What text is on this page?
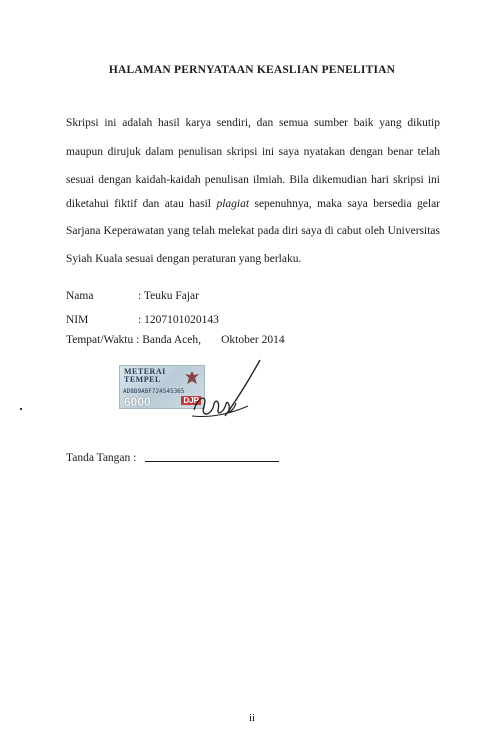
HALAMAN PERNYATAAN KEASLIAN PENELITIAN
Skripsi ini adalah hasil karya sendiri, dan semua sumber baik yang dikutip
maupun dirujuk dalam penulisan skripsi ini saya nyatakan dengan benar telah
sesuai dengan kaidah-kaidah penulisan ilmiah. Bila dikemudian hari skripsi ini
diketahui fiktif dan atau hasil plagiat sepenuhnya, maka saya bersedia gelar
Sarjana Keperawatan yang telah melekat pada diri saya di cabut oleh Universitas
Syiah Kuala sesuai dengan peraturan yang berlaku.
Nama	: Teuku Fajar
NIM	: 1207101020143
Tempat/Waktu : Banda Aceh,       Oktober 2014
METERAI
TEMPEL
AD8B9ABF724545365
6000	DJP
Tanda Tangan :
ii
